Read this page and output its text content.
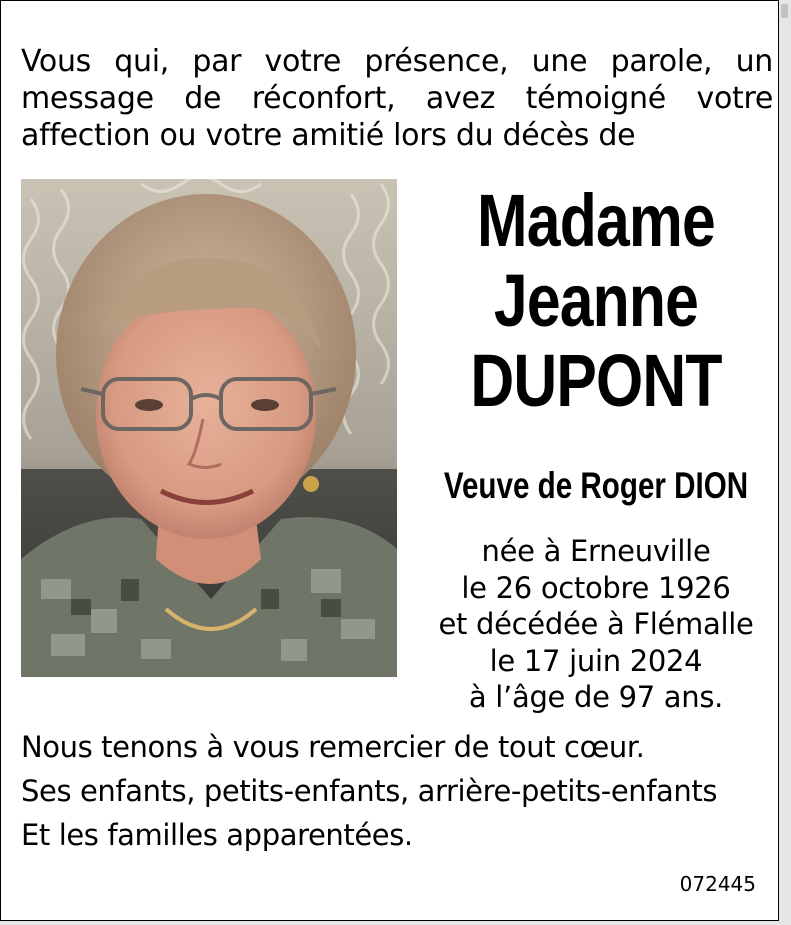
Vous qui, par votre présence, une parole, un message de réconfort, avez témoigné votre affection ou votre amitié lors du décès de

Madame
Jeanne
DUPONT
Veuve de Roger DION
née à Erneuville
le 26 octobre 1926
et décédée à Flémalle
le 17 juin 2024
à l’âge de 97 ans.
Nous tenons à vous remercier de tout cœur.
Ses enfants, petits-enfants, arrière-petits-enfants
Et les familles apparentées.
072445
